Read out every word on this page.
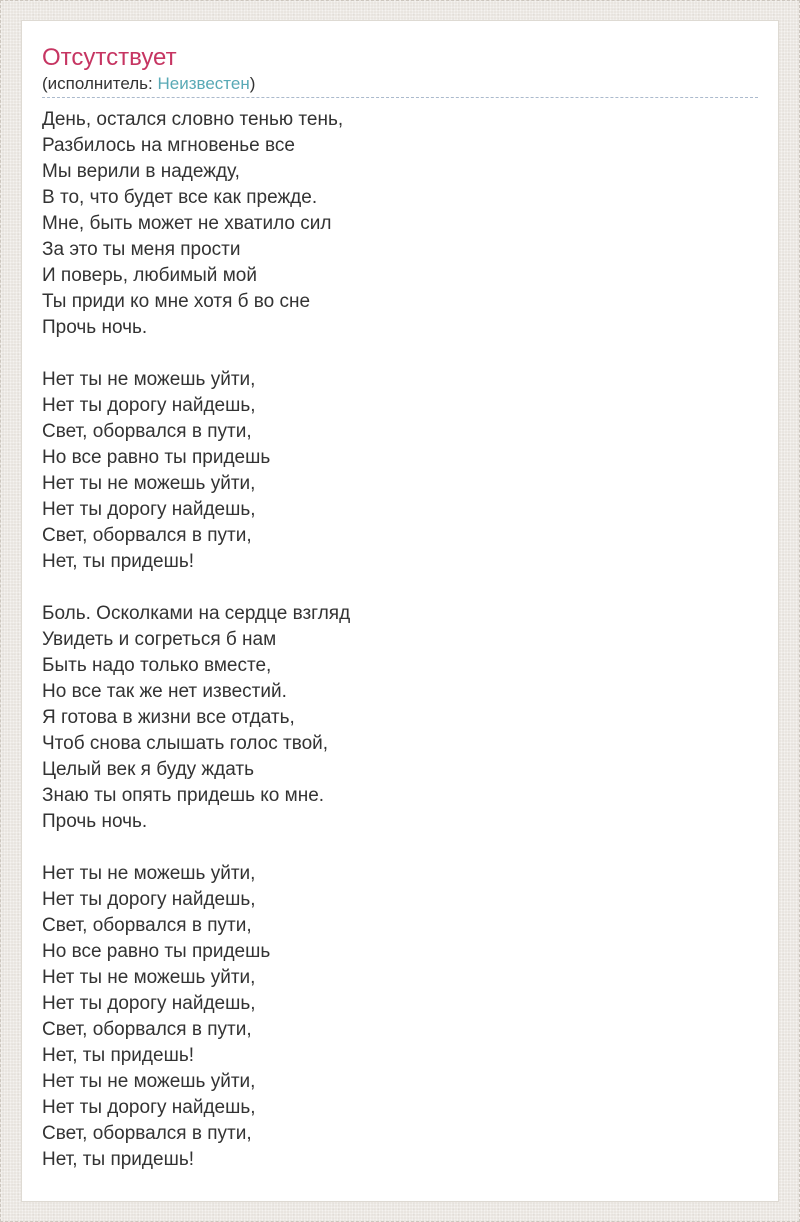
Отсутствует
(исполнитель: Неизвестен)
День, остался словно тенью тень,
Разбилось на мгновенье все
Мы верили в надежду,
В то, что будет все как прежде.
Мне, быть может не хватило сил
За это ты меня прости
И поверь, любимый мой
Ты приди ко мне хотя б во сне
Прочь ночь.
Нет ты не можешь уйти,
Нет ты дорогу найдешь,
Свет, оборвался в пути,
Но все равно ты придешь
Нет ты не можешь уйти,
Нет ты дорогу найдешь,
Свет, оборвался в пути,
Нет, ты придешь!
Боль. Осколками на сердце взгляд
Увидеть и согреться б нам
Быть надо только вместе,
Но все так же нет известий.
Я готова в жизни все отдать,
Чтоб снова слышать голос твой,
Целый век я буду ждать
Знаю ты опять придешь ко мне.
Прочь ночь.
Нет ты не можешь уйти,
Нет ты дорогу найдешь,
Свет, оборвался в пути,
Но все равно ты придешь
Нет ты не можешь уйти,
Нет ты дорогу найдешь,
Свет, оборвался в пути,
Нет, ты придешь!
Нет ты не можешь уйти,
Нет ты дорогу найдешь,
Свет, оборвался в пути,
Нет, ты придешь!
